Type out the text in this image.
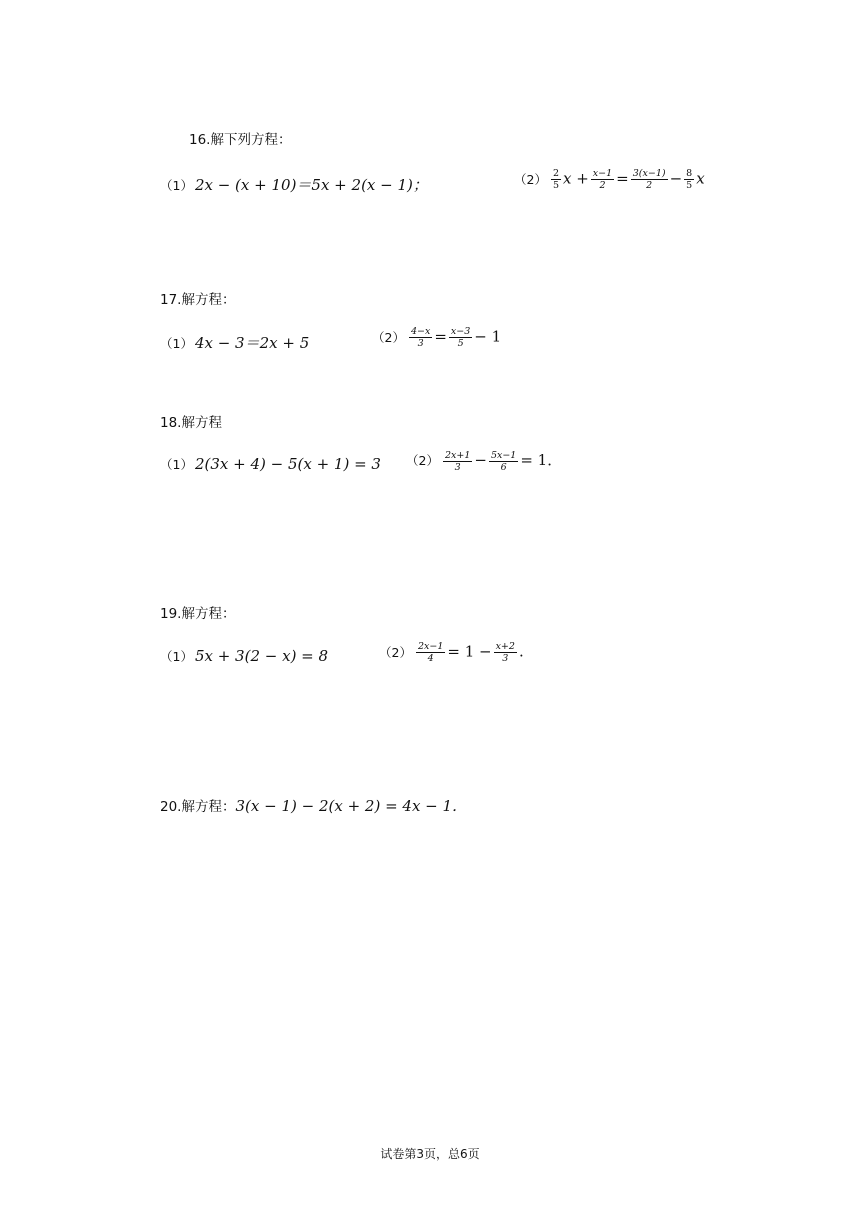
16.解下列方程：
（1） 2x − (x + 10)＝5x + 2(x − 1)；	$(2) \frac{2}{5}$ $x + \frac{x-1}{2} = \frac{3(x-1)}{2} - \frac{8}{5}$ x
17.解方程：
（1） 4x − 3＝2x + 5	$(2) \frac{4-x}{3} = \frac{x-3}{5} - 1$
18.解方程
（1） 2(3x + 4) − 5(x + 1) = 3 $(2) \frac{2x+1}{3} - \frac{5x-1}{6} = 1$．
19.解方程：
（1） 5x + 3(2 − x) = 8	$(2) \frac{2x-1}{4} = 1 - \frac{x+2}{3}$ .
20.解方程：3(x − 1) − 2(x + 2) = 4x − 1．
试卷第3页，总6页
